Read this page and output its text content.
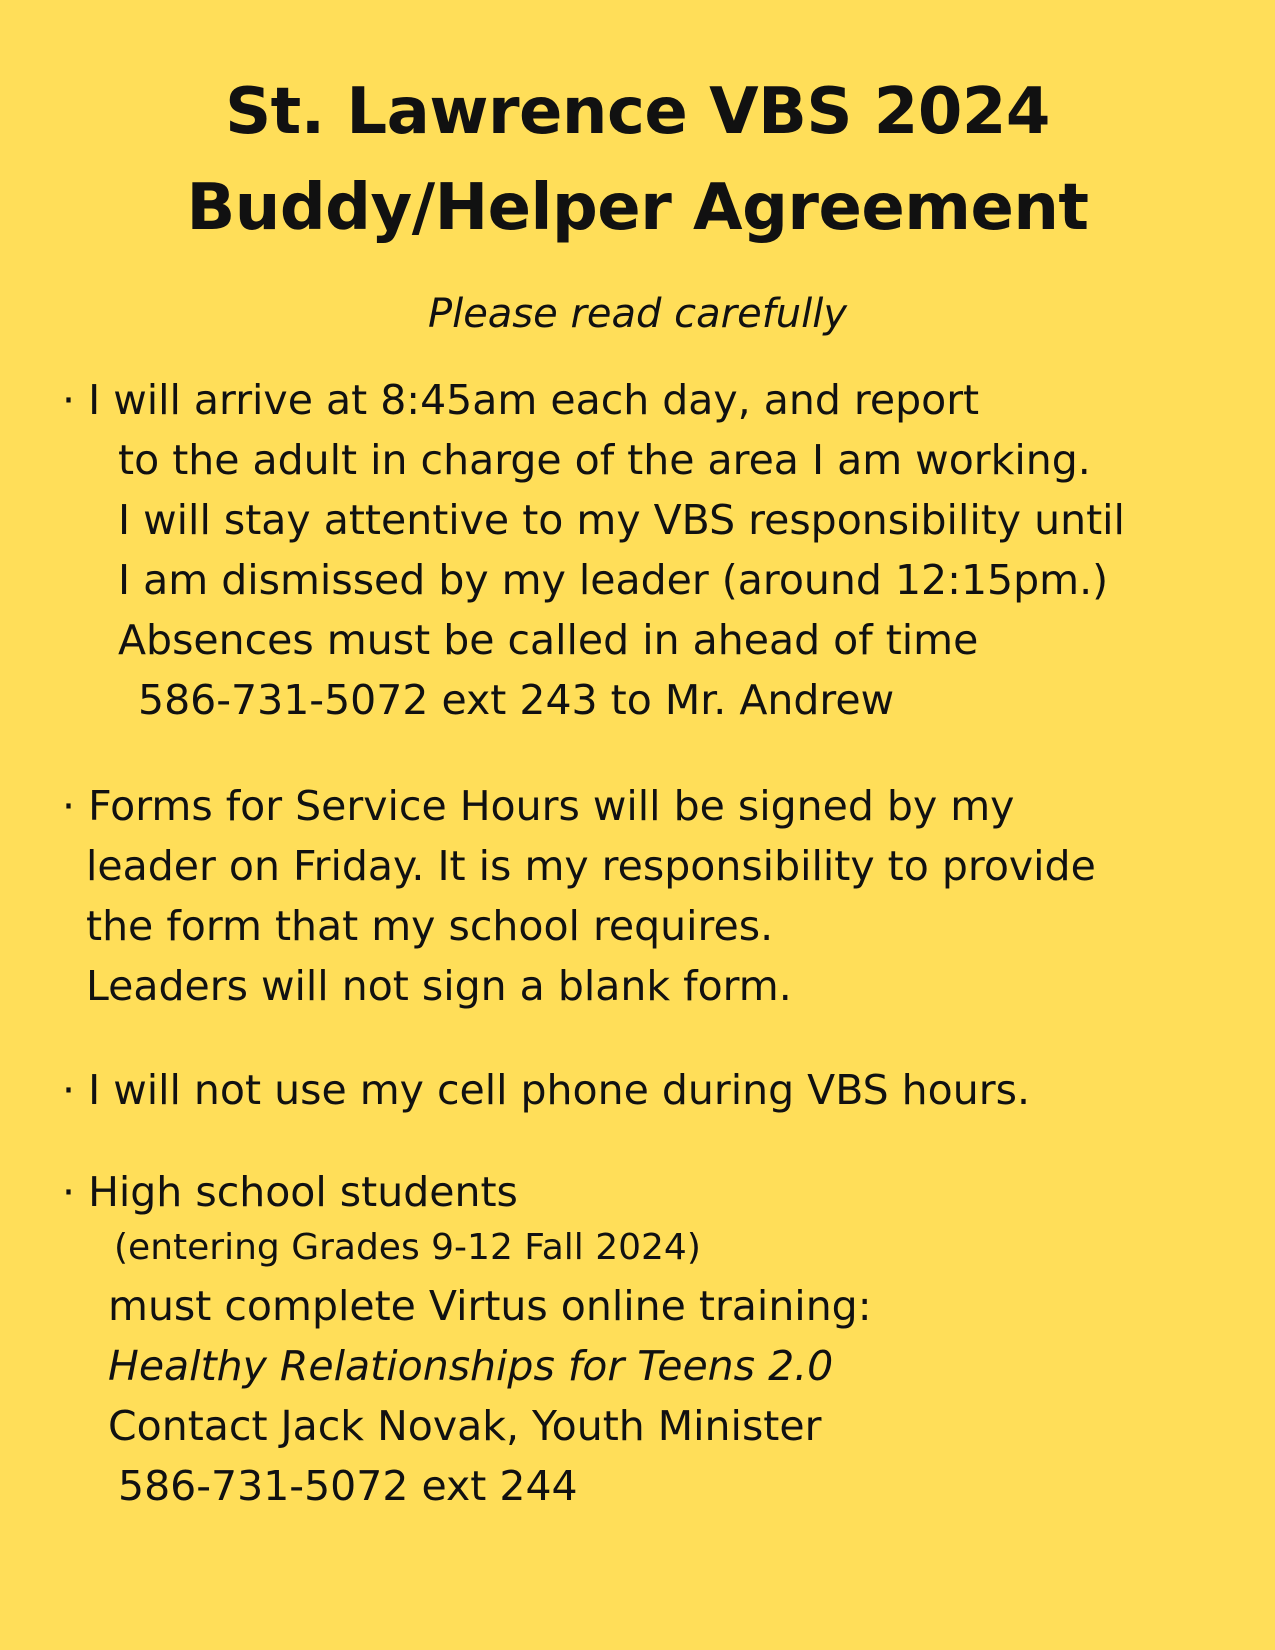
St. Lawrence VBS 2024
Buddy/Helper Agreement
Please read carefully
· I will arrive at 8:45am each day, and report
to the adult in charge of the area I am working.
I will stay attentive to my VBS responsibility until
I am dismissed by my leader (around 12:15pm.)
Absences must be called in ahead of time
586-731-5072 ext 243 to Mr. Andrew
· Forms for Service Hours will be signed by my
leader on Friday. It is my responsibility to provide
the form that my school requires.
Leaders will not sign a blank form.
· I will not use my cell phone during VBS hours.
· High school students
(entering Grades 9-12 Fall 2024)
must complete Virtus online training:
Healthy Relationships for Teens 2.0
Contact Jack Novak, Youth Minister
586-731-5072 ext 244
